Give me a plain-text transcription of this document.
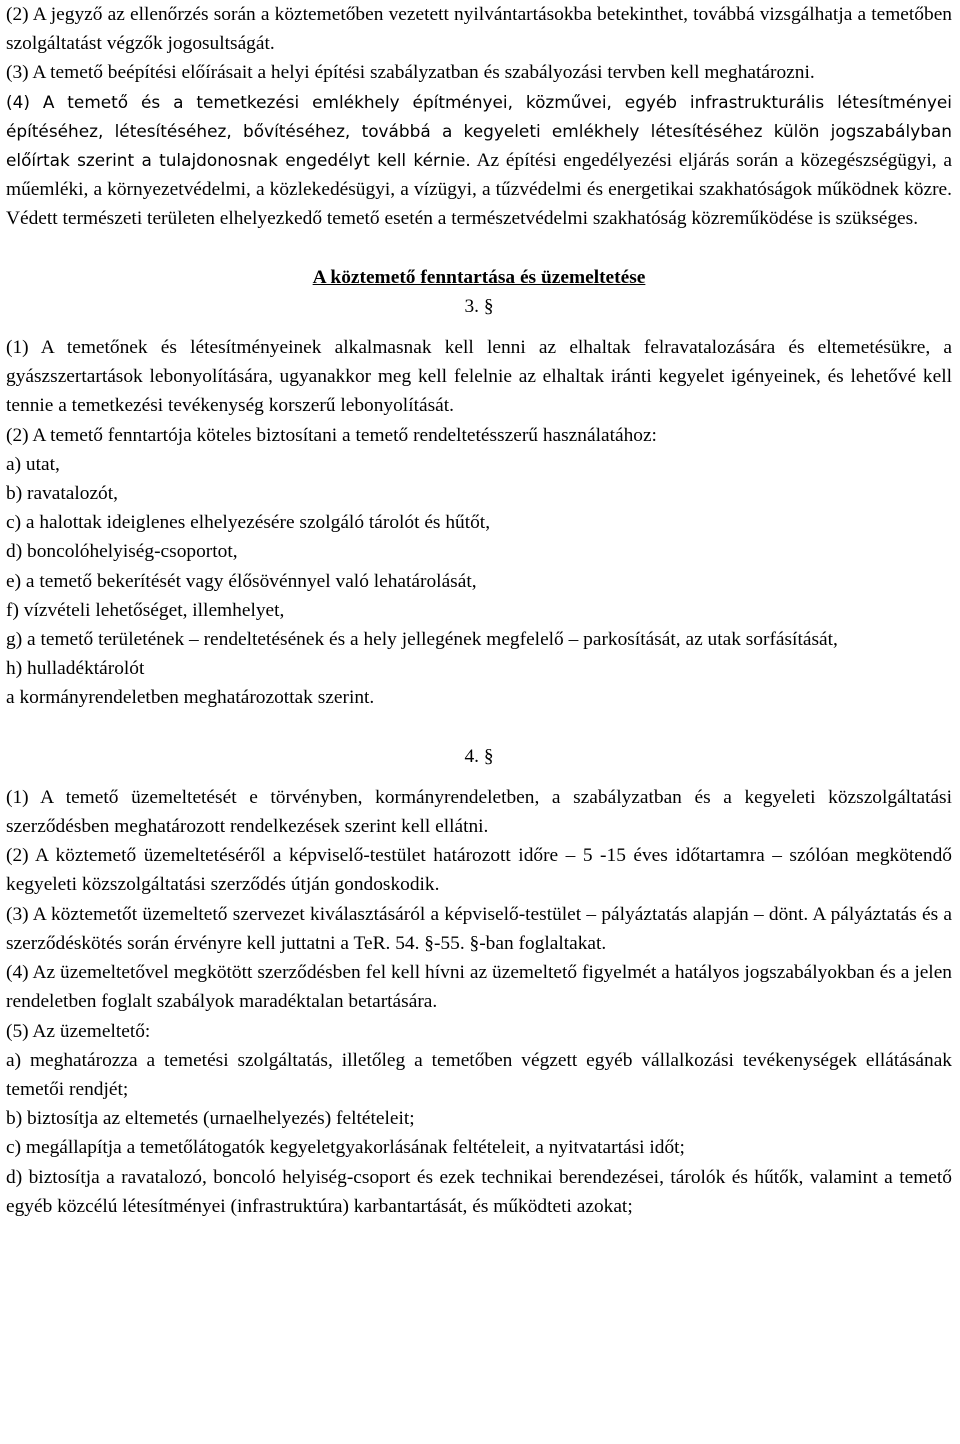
(2) A jegyző az ellenőrzés során a köztemetőben vezetett nyilvántartásokba betekinthet, továbbá vizsgálhatja a temetőben szolgáltatást végzők jogosultságát.

(3) A temető beépítési előírásait a helyi építési szabályzatban és szabályozási tervben kell meghatározni.

(4) A temető és a temetkezési emlékhely építményei, közművei, egyéb infrastrukturális létesítményei építéséhez, létesítéséhez, bővítéséhez, továbbá a kegyeleti emlékhely létesítéséhez külön jogszabályban előírtak szerint a tulajdonosnak engedélyt kell kérnie. Az építési engedélyezési eljárás során a közegészségügyi, a műemléki, a környezetvédelmi, a közlekedésügyi, a vízügyi, a tűzvédelmi és energetikai szakhatóságok működnek közre. Védett természeti területen elhelyezkedő temető esetén a természetvédelmi szakhatóság közreműködése is szükséges.

A köztemető fenntartása és üzemeltetése

3. §

(1) A temetőnek és létesítményeinek alkalmasnak kell lenni az elhaltak felravatalozására és eltemetésükre, a gyászszertartások lebonyolítására, ugyanakkor meg kell felelnie az elhaltak iránti kegyelet igényeinek, és lehetővé kell tennie a temetkezési tevékenység korszerű lebonyolítását.

(2) A temető fenntartója köteles biztosítani a temető rendeltetésszerű használatához:

a) utat,

b) ravatalozót,

c) a halottak ideiglenes elhelyezésére szolgáló tárolót és hűtőt,

d) boncolóhelyiség-csoportot,

e) a temető bekerítését vagy élősövénnyel való lehatárolását,

f) vízvételi lehetőséget, illemhelyet,

g) a temető területének – rendeltetésének és a hely jellegének megfelelő – parkosítását, az utak sorfásítását,

h) hulladéktárolót

a kormányrendeletben meghatározottak szerint.

4. §

(1) A temető üzemeltetését e törvényben, kormányrendeletben, a szabályzatban és a kegyeleti közszolgáltatási szerződésben meghatározott rendelkezések szerint kell ellátni.

(2) A köztemető üzemeltetéséről a képviselő-testület határozott időre – 5 -15 éves időtartamra – szólóan megkötendő kegyeleti közszolgáltatási szerződés útján gondoskodik.

(3) A köztemetőt üzemeltető szervezet kiválasztásáról a képviselő-testület – pályáztatás alapján – dönt. A pályáztatás és a szerződéskötés során érvényre kell juttatni a TeR. 54. §-55. §-ban foglaltakat.

(4) Az üzemeltetővel megkötött szerződésben fel kell hívni az üzemeltető figyelmét a hatályos jogszabályokban és a jelen rendeletben foglalt szabályok maradéktalan betartására.

(5) Az üzemeltető:

a) meghatározza a temetési szolgáltatás, illetőleg a temetőben végzett egyéb vállalkozási tevékenységek ellátásának temetői rendjét;

b) biztosítja az eltemetés (urnaelhelyezés) feltételeit;

c) megállapítja a temetőlátogatók kegyeletgyakorlásának feltételeit, a nyitvatartási időt;

d) biztosítja a ravatalozó, boncoló helyiség-csoport és ezek technikai berendezései, tárolók és hűtők, valamint a temető egyéb közcélú létesítményei (infrastruktúra) karbantartását, és működteti azokat;
